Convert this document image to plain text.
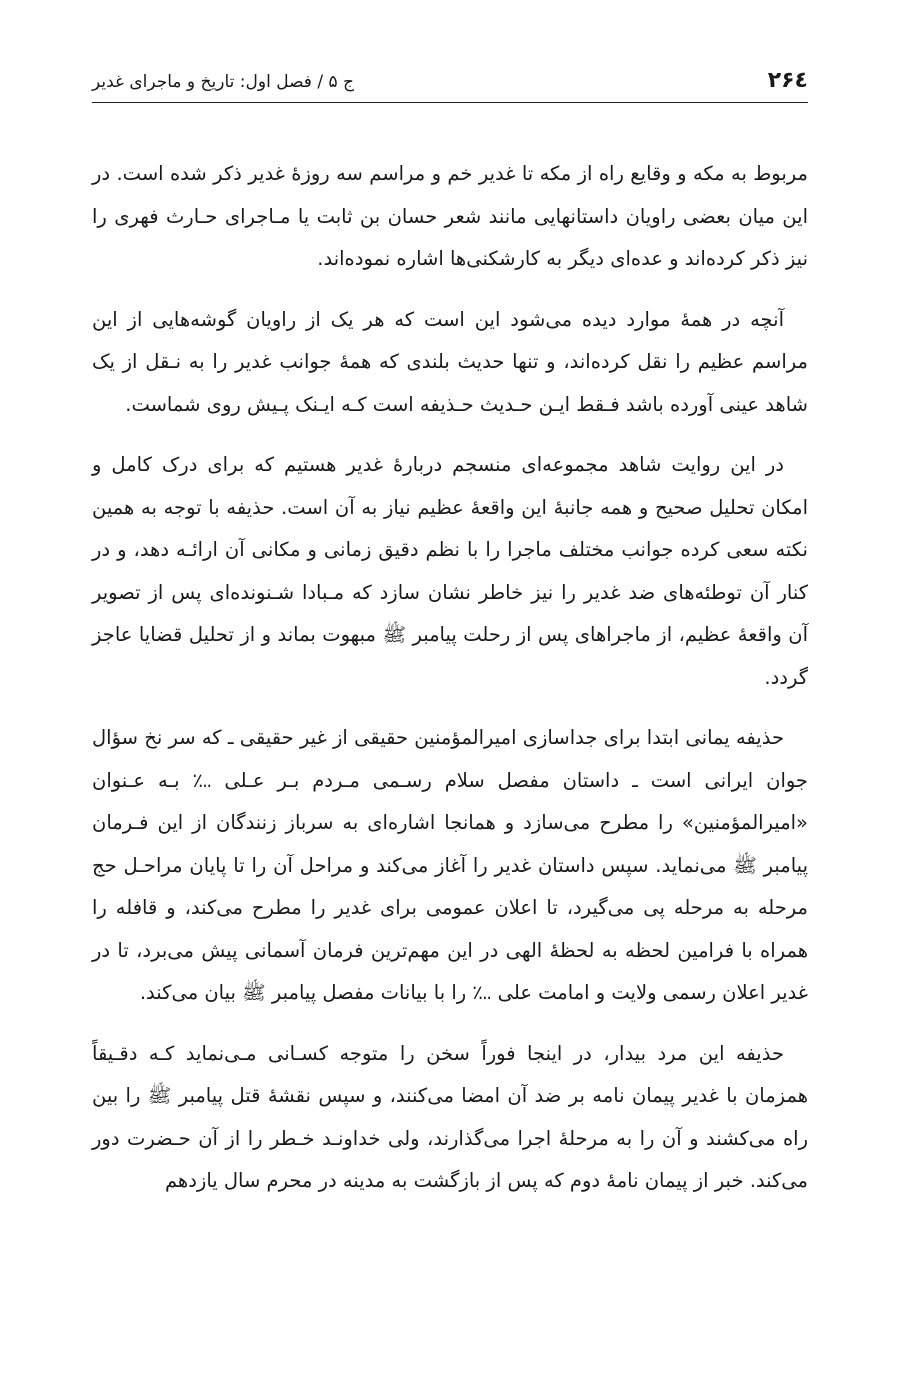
۲۶٤
ج ۵ / فصل اول: تاریخ و ماجرای غدیر

مربوط به مکه و وقایع راه از مکه تا غدیر خم و مراسم سه روزۀ غدیر ذکر شده است. در این میان بعضی راویان داستانهایی مانند شعر حسان بن ثابت یا مـاجرای حـارث فهری را نیز ذکر کرده‌اند و عده‌ای دیگر به کارشکنی‌ها اشاره نموده‌اند.

آنچه در همۀ موارد دیده می‌شود این است که هر یک از راویان گوشه‌هایی از این مراسم عظیم را نقل کرده‌اند، و تنها حدیث بلندی که همۀ جوانب غدیر را به نـقل از یک شاهد عینی آورده باشد فـقط ایـن حـدیث حـذیفه است کـه ایـنک پـیش روی شماست.

در این روایت شاهد مجموعه‌ای منسجم دربارۀ غدیر هستیم که برای درک کامل و امکان تحلیل صحیح و همه جانبۀ این واقعۀ عظیم نیاز به آن است. حذیفه با توجه به همین نکته سعی کرده جوانب مختلف ماجرا را با نظم دقیق زمانی و مکانی آن ارائـه دهد، و در کنار آن توطئه‌های ضد غدیر را نیز خاطر نشان سازد که مـبادا شـنونده‌ای پس از تصویر آن واقعۀ عظیم، از ماجراهای پس از رحلت پیامبر ﷺ مبهوت بماند و از تحلیل قضایا عاجز گردد.

حذیفه یمانی ابتدا برای جداسازی امیرالمؤمنین حقیقی از غیر حقیقی ـ که سر نخ سؤال جوان ایرانی است ـ داستان مفصل سلام رسـمی مـردم بـر عـلی ؊ بـه عـنوان «امیرالمؤمنین» را مطرح می‌سازد و همانجا اشاره‌ای به سرباز زنندگان از این فـرمان پیامبر ﷺ می‌نماید. سپس داستان غدیر را آغاز می‌کند و مراحل آن را تا پایان مراحـل حج مرحله به مرحله پی می‌گیرد، تا اعلان عمومی برای غدیر را مطرح می‌کند، و قافله را همراه با فرامین لحظه به لحظۀ الهی در این مهم‌ترین فرمان آسمانی پیش می‌برد، تا در غدیر اعلان رسمی ولایت و امامت علی ؊ را با بیانات مفصل پیامبر ﷺ بیان می‌کند.

حذیفه این مرد بیدار، در اینجا فوراً سخن را متوجه کسـانی مـی‌نماید کـه دقـیقاً همزمان با غدیر پیمان نامه بر ضد آن امضا می‌کنند، و سپس نقشۀ قتل پیامبر ﷺ را بین راه می‌کشند و آن را به مرحلۀ اجرا می‌گذارند، ولی خداونـد خـطر را از آن حـضرت دور می‌کند. خبر از پیمان نامۀ دوم که پس از بازگشت به مدینه در محرم سال یازدهم
